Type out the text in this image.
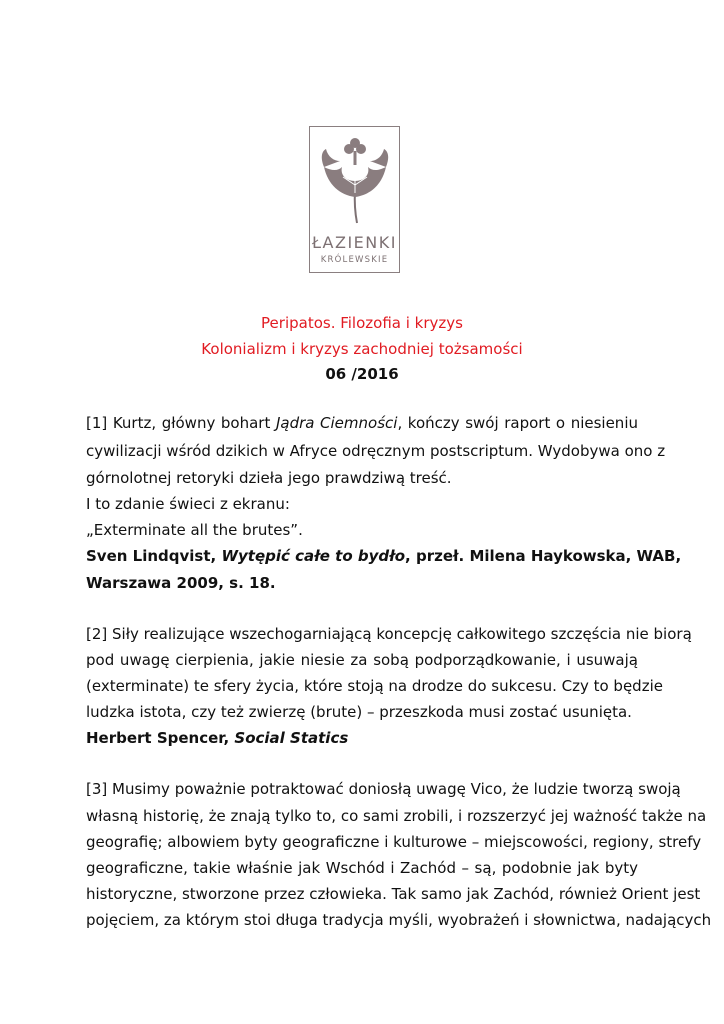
ŁAZIENKI
KRÓLEWSKIE
Peripatos. Filozofia i kryzys
Kolonializm i kryzys zachodniej tożsamości
06 /2016
[1] Kurtz, główny bohart Jądra Ciemności, kończy swój raport o niesieniu
cywilizacji wśród dzikich w Afryce odręcznym postscriptum. Wydobywa ono z
górnolotnej retoryki dzieła jego prawdziwą treść.
I to zdanie świeci z ekranu:
„Exterminate all the brutes”.
Sven Lindqvist, Wytępić całe to bydło, przeł. Milena Haykowska, WAB,
Warszawa 2009, s. 18.
[2] Siły realizujące wszechogarniającą koncepcję całkowitego szczęścia nie biorą
pod uwagę cierpienia, jakie niesie za sobą podporządkowanie, i usuwają
(exterminate) te sfery życia, które stoją na drodze do sukcesu. Czy to będzie
ludzka istota, czy też zwierzę (brute) – przeszkoda musi zostać usunięta.
Herbert Spencer, Social Statics
[3] Musimy poważnie potraktować doniosłą uwagę Vico, że ludzie tworzą swoją
własną historię, że znają tylko to, co sami zrobili, i rozszerzyć jej ważność także na
geografię; albowiem byty geograficzne i kulturowe – miejscowości, regiony, strefy
geograficzne, takie właśnie jak Wschód i Zachód – są, podobnie jak byty
historyczne, stworzone przez człowieka. Tak samo jak Zachód, również Orient jest
pojęciem, za którym stoi długa tradycja myśli, wyobrażeń i słownictwa, nadających
